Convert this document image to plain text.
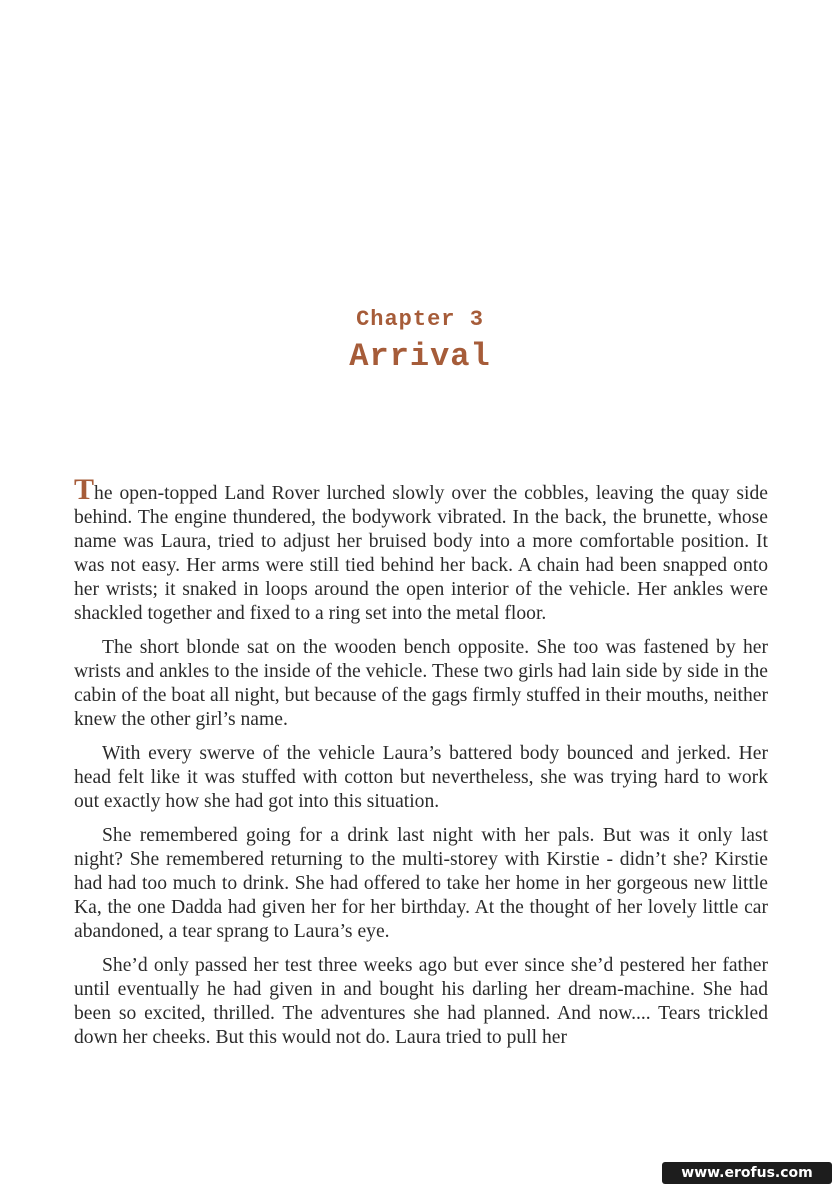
Chapter 3
Arrival

The open-topped Land Rover lurched slowly over the cobbles, leaving the quay side behind. The engine thundered, the bodywork vibrated. In the back, the brunette, whose name was Laura, tried to adjust her bruised body into a more comfortable position. It was not easy. Her arms were still tied behind her back. A chain had been snapped onto her wrists; it snaked in loops around the open interior of the vehicle. Her ankles were shackled together and fixed to a ring set into the metal floor.

The short blonde sat on the wooden bench opposite. She too was fastened by her wrists and ankles to the inside of the vehicle. These two girls had lain side by side in the cabin of the boat all night, but because of the gags firmly stuffed in their mouths, neither knew the other girl’s name.

With every swerve of the vehicle Laura’s battered body bounced and jerked. Her head felt like it was stuffed with cotton but nevertheless, she was trying hard to work out exactly how she had got into this situation.

She remembered going for a drink last night with her pals. But was it only last night? She remembered returning to the multi-storey with Kirstie - didn’t she? Kirstie had had too much to drink. She had offered to take her home in her gorgeous new little Ka, the one Dadda had given her for her birthday. At the thought of her lovely little car abandoned, a tear sprang to Laura’s eye.

She’d only passed her test three weeks ago but ever since she’d pestered her father until eventually he had given in and bought his darling her dream-machine. She had been so excited, thrilled. The adventures she had planned. And now.... Tears trickled down her cheeks. But this would not do. Laura tried to pull her

www.erofus.com
